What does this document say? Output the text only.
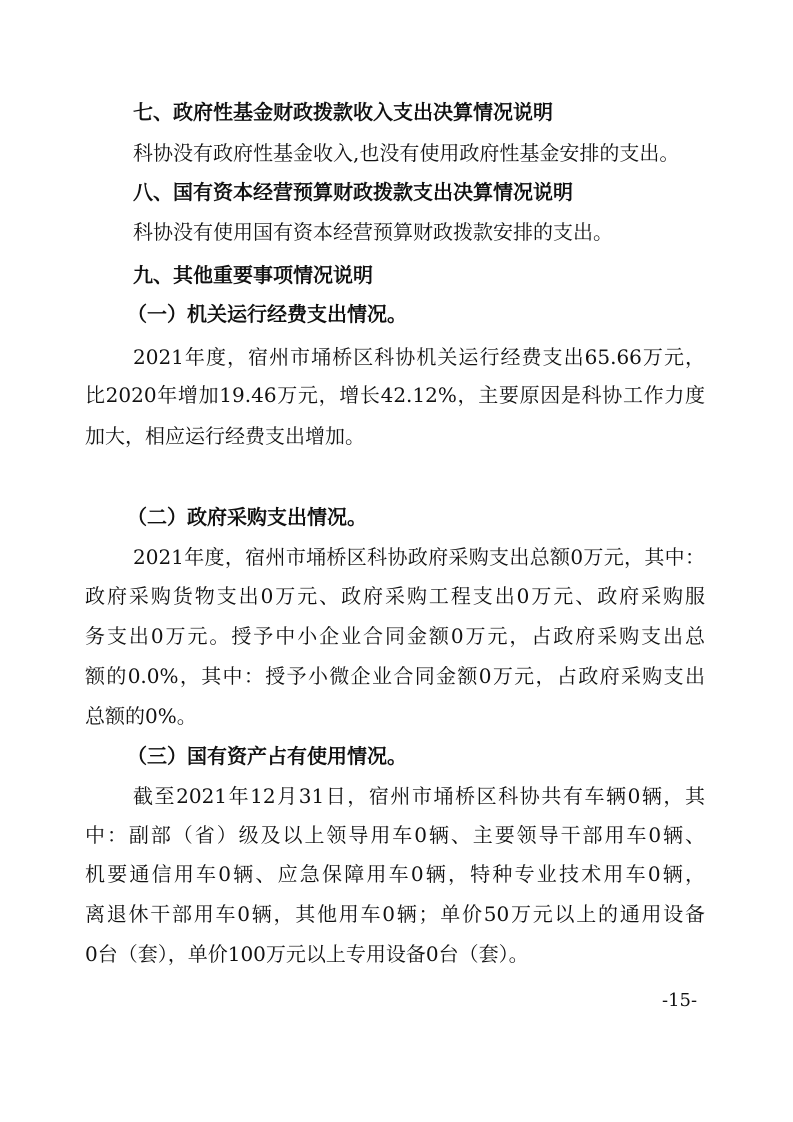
七、政府性基金财政拨款收入支出决算情况说明
科协没有政府性基金收入,也没有使用政府性基金安排的支出。
八、国有资本经营预算财政拨款支出决算情况说明
科协没有使用国有资本经营预算财政拨款安排的支出。
九、其他重要事项情况说明
（一）机关运行经费支出情况。
2021年度，宿州市埇桥区科协机关运行经费支出65.66万元，
比2020年增加19.46万元，增长42.12%，主要原因是科协工作力度
加大，相应运行经费支出增加。
（二）政府采购支出情况。
2021年度，宿州市埇桥区科协政府采购支出总额0万元，其中：
政府采购货物支出0万元、政府采购工程支出0万元、政府采购服
务支出0万元。授予中小企业合同金额0万元，占政府采购支出总
额的0.0%，其中：授予小微企业合同金额0万元，占政府采购支出
总额的0%。
（三）国有资产占有使用情况。
截至2021年12月31日，宿州市埇桥区科协共有车辆0辆，其
中：副部（省）级及以上领导用车0辆、主要领导干部用车0辆、
机要通信用车0辆、应急保障用车0辆，特种专业技术用车0辆，
离退休干部用车0辆，其他用车0辆；单价50万元以上的通用设备
0台（套），单价100万元以上专用设备0台（套）。
-15-
